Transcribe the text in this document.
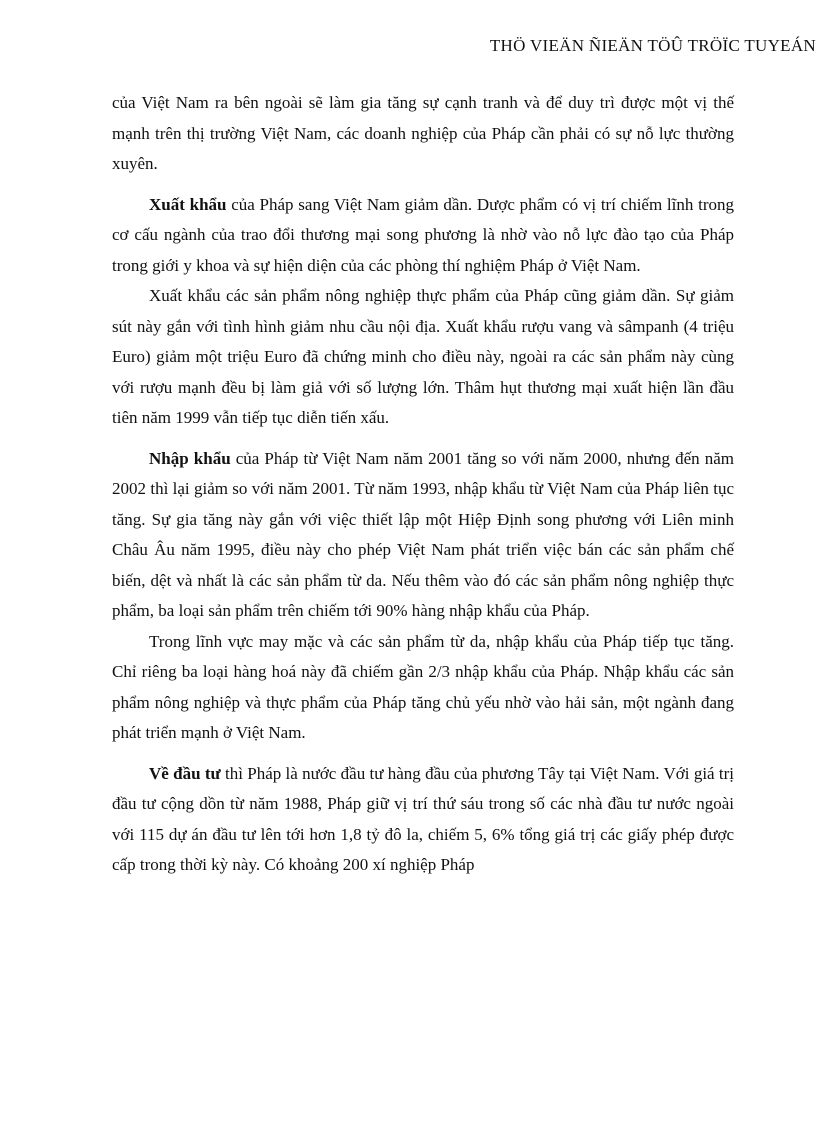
THÖ VIEÄN ÑIEÄN TÖÛ TRÖÏC TUYEÁN

của Việt Nam ra bên ngoài sẽ làm gia tăng sự cạnh tranh và để duy trì được một vị thế mạnh trên thị trường Việt Nam, các doanh nghiệp của Pháp cần phải có sự nỗ lực thường xuyên.

Xuất khẩu của Pháp sang Việt Nam giảm dần. Dược phẩm có vị trí chiếm lĩnh trong cơ cấu ngành của trao đổi thương mại song phương là nhờ vào nỗ lực đào tạo của Pháp trong giới y khoa và sự hiện diện của các phòng thí nghiệm Pháp ở Việt Nam.

Xuất khẩu các sản phẩm nông nghiệp thực phẩm của Pháp cũng giảm dần. Sự giảm sút này gắn với tình hình giảm nhu cầu nội địa. Xuất khẩu rượu vang và sâmpanh (4 triệu Euro) giảm một triệu Euro đã chứng minh cho điều này, ngoài ra các sản phẩm này cùng với rượu mạnh đều bị làm giả với số lượng lớn. Thâm hụt thương mại xuất hiện lần đầu tiên năm 1999 vẫn tiếp tục diễn tiến xấu.

Nhập khẩu của Pháp từ Việt Nam năm 2001 tăng so với năm 2000, nhưng đến năm 2002 thì lại giảm so với năm 2001. Từ năm 1993, nhập khẩu từ Việt Nam của Pháp liên tục tăng. Sự gia tăng này gắn với việc thiết lập một Hiệp Định song phương với Liên minh Châu Âu năm 1995, điều này cho phép Việt Nam phát triển việc bán các sản phẩm chế biến, dệt và nhất là các sản phẩm từ da. Nếu thêm vào đó các sản phẩm nông nghiệp thực phẩm, ba loại sản phẩm trên chiếm tới 90% hàng nhập khẩu của Pháp.

Trong lĩnh vực may mặc và các sản phẩm từ da, nhập khẩu của Pháp tiếp tục tăng. Chỉ riêng ba loại hàng hoá này đã chiếm gần 2/3 nhập khẩu của Pháp. Nhập khẩu các sản phẩm nông nghiệp và thực phẩm của Pháp tăng chủ yếu nhờ vào hải sản, một ngành đang phát triển mạnh ở Việt Nam.

Về đầu tư thì Pháp là nước đầu tư hàng đầu của phương Tây tại Việt Nam. Với giá trị đầu tư cộng dồn từ năm 1988, Pháp giữ vị trí thứ sáu trong số các nhà đầu tư nước ngoài với 115 dự án đầu tư lên tới hơn 1,8 tỷ đô la, chiếm 5, 6% tổng giá trị các giấy phép được cấp trong thời kỳ này. Có khoảng 200 xí nghiệp Pháp
